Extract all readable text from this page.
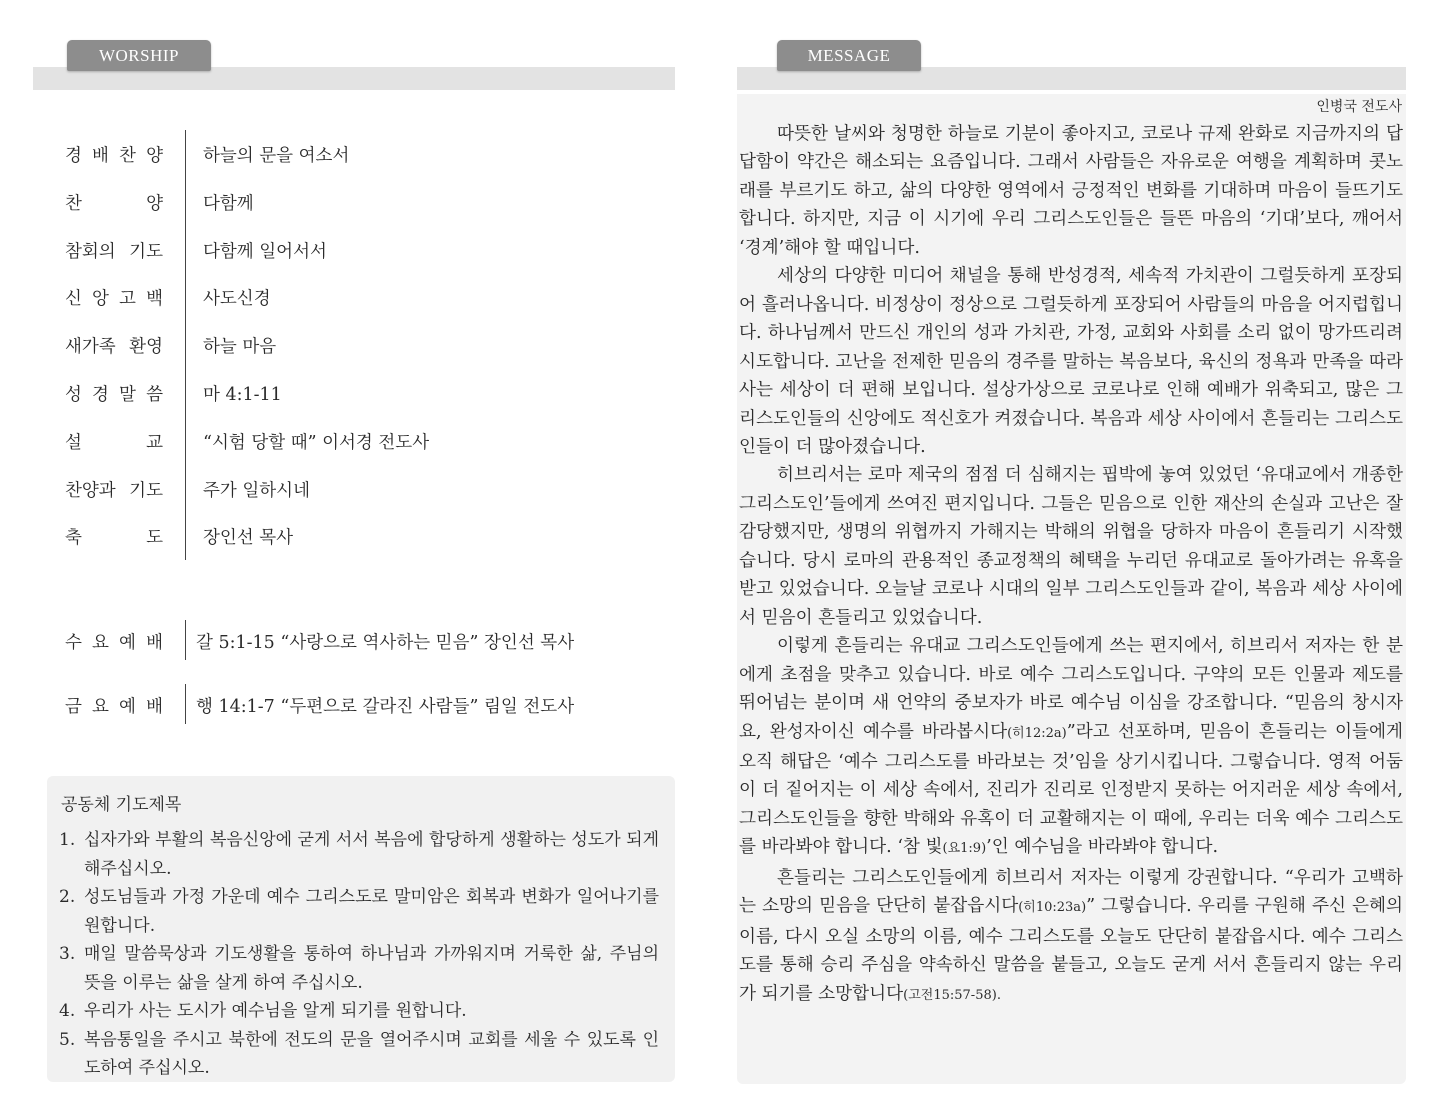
WORSHIP
경 배 찬 양 하늘의 문을 여소서
찬 양 다함께
참회의 기도 다함께 일어서서
신 앙 고 백 사도신경
새가족 환영 하늘 마음
성 경 말 씀 마 4:1-11
설 교 “시험 당할 때” 이서경 전도사
찬양과 기도 주가 일하시네
축 도 장인선 목사
수 요 예 배 갈 5:1-15 “사랑으로 역사하는 믿음” 장인선 목사
금 요 예 배 행 14:1-7 “두편으로 갈라진 사람들” 림일 전도사
공동체 기도제목
1. 십자가와 부활의 복음신앙에 굳게 서서 복음에 합당하게 생활하는 성도가 되게 해주십시오.
2. 성도님들과 가정 가운데 예수 그리스도로 말미암은 회복과 변화가 일어나기를 원합니다.
3. 매일 말씀묵상과 기도생활을 통하여 하나님과 가까워지며 거룩한 삶, 주님의 뜻을 이루는 삶을 살게 하여 주십시오.
4. 우리가 사는 도시가 예수님을 알게 되기를 원합니다.
5. 복음통일을 주시고 북한에 전도의 문을 열어주시며 교회를 세울 수 있도록 인도하여 주십시오.
MESSAGE
인병국 전도사

따뜻한 날씨와 청명한 하늘로 기분이 좋아지고, 코로나 규제 완화로 지금까지의 답답함이 약간은 해소되는 요즘입니다. 그래서 사람들은 자유로운 여행을 계획하며 콧노래를 부르기도 하고, 삶의 다양한 영역에서 긍정적인 변화를 기대하며 마음이 들뜨기도 합니다. 하지만, 지금 이 시기에 우리 그리스도인들은 들뜬 마음의 ‘기대’보다, 깨어서 ‘경계’해야 할 때입니다.

세상의 다양한 미디어 채널을 통해 반성경적, 세속적 가치관이 그럴듯하게 포장되어 흘러나옵니다. 비정상이 정상으로 그럴듯하게 포장되어 사람들의 마음을 어지럽힙니다. 하나님께서 만드신 개인의 성과 가치관, 가정, 교회와 사회를 소리 없이 망가뜨리려 시도합니다. 고난을 전제한 믿음의 경주를 말하는 복음보다, 육신의 정욕과 만족을 따라 사는 세상이 더 편해 보입니다. 설상가상으로 코로나로 인해 예배가 위축되고, 많은 그리스도인들의 신앙에도 적신호가 켜졌습니다. 복음과 세상 사이에서 흔들리는 그리스도인들이 더 많아졌습니다.

히브리서는 로마 제국의 점점 더 심해지는 핍박에 놓여 있었던 ‘유대교에서 개종한 그리스도인’들에게 쓰여진 편지입니다. 그들은 믿음으로 인한 재산의 손실과 고난은 잘 감당했지만, 생명의 위협까지 가해지는 박해의 위협을 당하자 마음이 흔들리기 시작했습니다. 당시 로마의 관용적인 종교정책의 혜택을 누리던 유대교로 돌아가려는 유혹을 받고 있었습니다. 오늘날 코로나 시대의 일부 그리스도인들과 같이, 복음과 세상 사이에서 믿음이 흔들리고 있었습니다.

이렇게 흔들리는 유대교 그리스도인들에게 쓰는 편지에서, 히브리서 저자는 한 분에게 초점을 맞추고 있습니다. 바로 예수 그리스도입니다. 구약의 모든 인물과 제도를 뛰어넘는 분이며 새 언약의 중보자가 바로 예수님 이심을 강조합니다. “믿음의 창시자요, 완성자이신 예수를 바라봅시다(히12:2a)”라고 선포하며, 믿음이 흔들리는 이들에게 오직 해답은 ‘예수 그리스도를 바라보는 것’임을 상기시킵니다. 그렇습니다. 영적 어둠이 더 짙어지는 이 세상 속에서, 진리가 진리로 인정받지 못하는 어지러운 세상 속에서, 그리스도인들을 향한 박해와 유혹이 더 교활해지는 이 때에, 우리는 더욱 예수 그리스도를 바라봐야 합니다. ‘참 빛(요1:9)’인 예수님을 바라봐야 합니다.

흔들리는 그리스도인들에게 히브리서 저자는 이렇게 강권합니다. “우리가 고백하는 소망의 믿음을 단단히 붙잡읍시다(히10:23a)” 그렇습니다. 우리를 구원해 주신 은혜의 이름, 다시 오실 소망의 이름, 예수 그리스도를 오늘도 단단히 붙잡읍시다. 예수 그리스도를 통해 승리 주심을 약속하신 말씀을 붙들고, 오늘도 굳게 서서 흔들리지 않는 우리가 되기를 소망합니다(고전15:57-58).
